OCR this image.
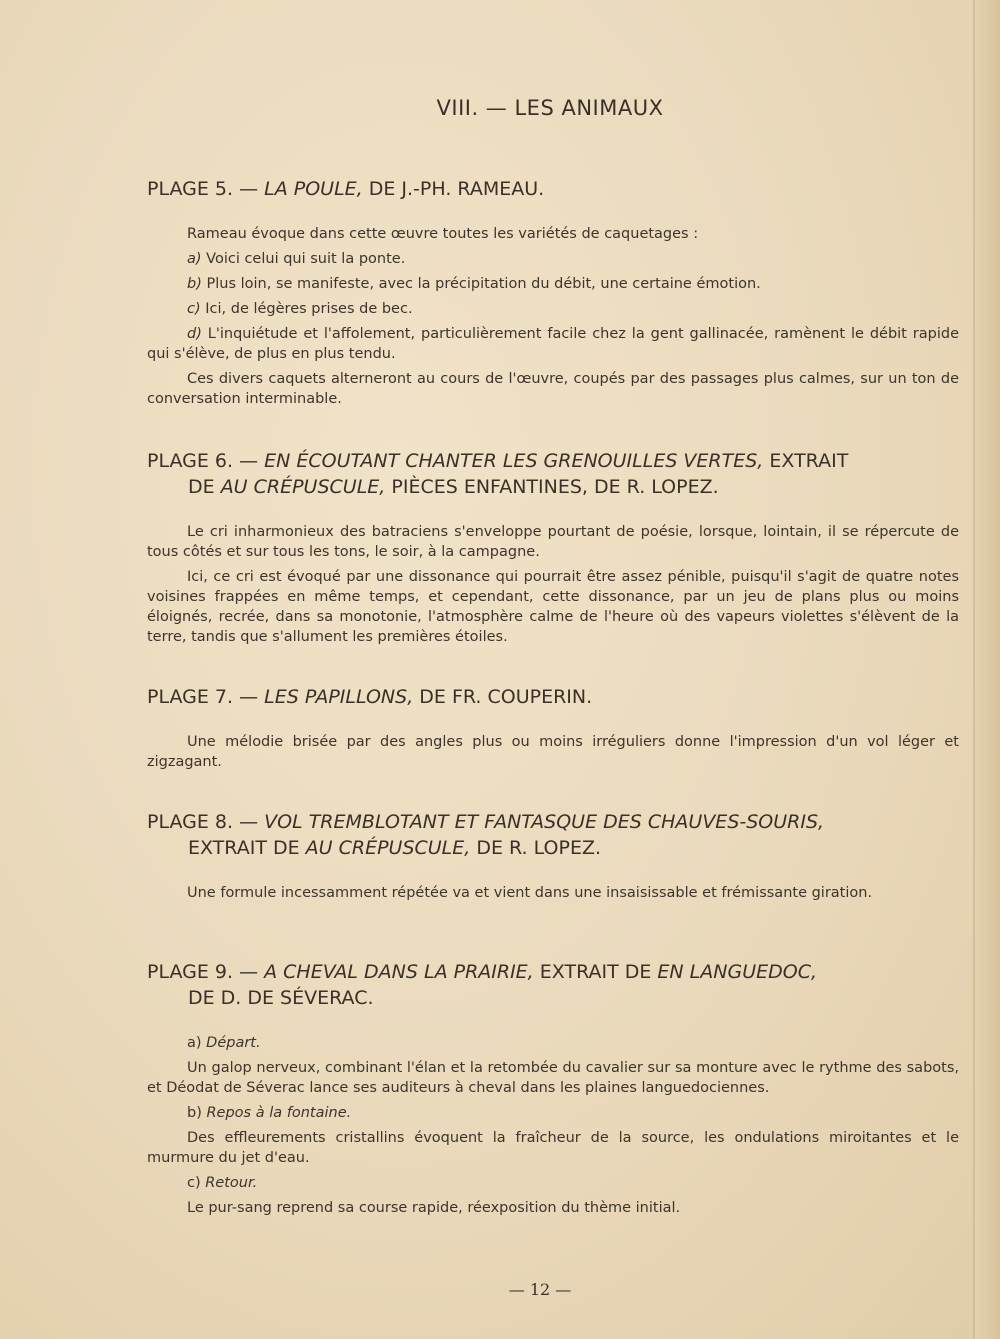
VIII. — LES ANIMAUX

PLAGE 5. — LA POULE, DE J.-PH. RAMEAU.

Rameau évoque dans cette œuvre toutes les variétés de caquetages :

a) Voici celui qui suit la ponte.

b) Plus loin, se manifeste, avec la précipitation du débit, une certaine émotion.

c) Ici, de légères prises de bec.

d) L'inquiétude et l'affolement, particulièrement facile chez la gent gallinacée, ramènent le débit rapide qui s'élève, de plus en plus tendu.

Ces divers caquets alterneront au cours de l'œuvre, coupés par des passages plus calmes, sur un ton de conversation interminable.

PLAGE 6. — EN ÉCOUTANT CHANTER LES GRENOUILLES VERTES, EXTRAIT
DE AU CRÉPUSCULE, PIÈCES ENFANTINES, DE R. LOPEZ.

Le cri inharmonieux des batraciens s'enveloppe pourtant de poésie, lorsque, lointain, il se répercute de tous côtés et sur tous les tons, le soir, à la campagne.

Ici, ce cri est évoqué par une dissonance qui pourrait être assez pénible, puisqu'il s'agit de quatre notes voisines frappées en même temps, et cependant, cette dissonance, par un jeu de plans plus ou moins éloignés, recrée, dans sa monotonie, l'atmosphère calme de l'heure où des vapeurs violettes s'élèvent de la terre, tandis que s'allument les premières étoiles.

PLAGE 7. — LES PAPILLONS, DE FR. COUPERIN.

Une mélodie brisée par des angles plus ou moins irréguliers donne l'impression d'un vol léger et zigzagant.

PLAGE 8. — VOL TREMBLOTANT ET FANTASQUE DES CHAUVES-SOURIS,
EXTRAIT DE AU CRÉPUSCULE, DE R. LOPEZ.

Une formule incessamment répétée va et vient dans une insaisissable et frémissante giration.

PLAGE 9. — A CHEVAL DANS LA PRAIRIE, EXTRAIT DE EN LANGUEDOC,
DE D. DE SÉVERAC.

a) Départ.

Un galop nerveux, combinant l'élan et la retombée du cavalier sur sa monture avec le rythme des sabots, et Déodat de Séverac lance ses auditeurs à cheval dans les plaines languedociennes.

b) Repos à la fontaine.

Des effleurements cristallins évoquent la fraîcheur de la source, les ondulations miroitantes et le murmure du jet d'eau.

c) Retour.

Le pur-sang reprend sa course rapide, réexposition du thème initial.

— 12 —
